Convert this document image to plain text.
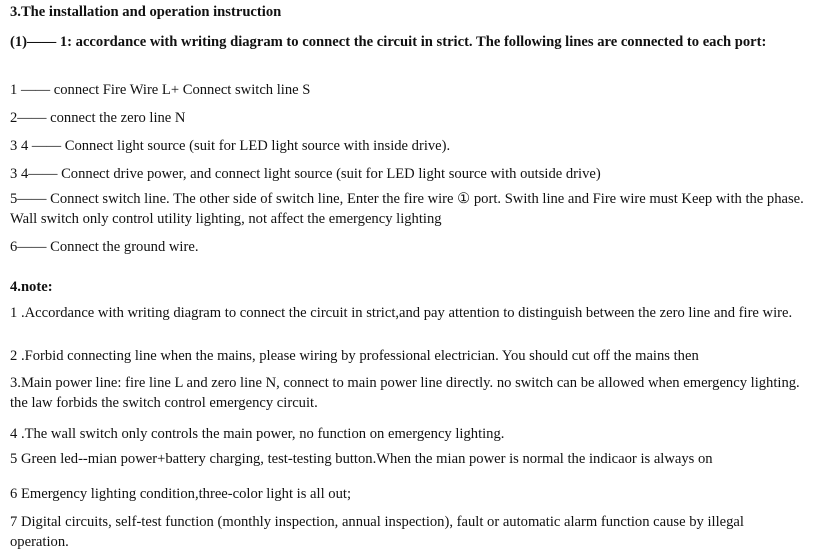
3.The installation and operation instruction
(1)—— 1: accordance with writing diagram to connect the circuit in strict. The following lines are connected to each port:
1 —— connect Fire Wire L+ Connect switch line S
2—— connect the zero line N
3 4 —— Connect light source (suit for LED light source with inside drive).
3 4—— Connect drive power, and connect light source (suit for LED light source with outside drive)
5—— Connect switch line. The other side of switch line, Enter the fire wire ① port. Swith line and Fire wire must Keep with the phase. Wall switch only control utility lighting, not affect the emergency lighting
6—— Connect the ground wire.
4.note:
1 .Accordance with writing diagram to connect the circuit in strict,and pay attention to distinguish between the zero line and fire wire.
2 .Forbid connecting line when the mains, please wiring by professional electrician. You should cut off the mains then
3.Main power line: fire line L and zero line N, connect to main power line directly. no switch can be allowed when emergency lighting. the law forbids the switch control emergency circuit.
4 .The wall switch only controls the main power, no function on emergency lighting.
5 Green led--mian power+battery charging, test-testing button.When the mian power is normal the indicaor is always on
6 Emergency lighting condition,three-color light is all out;
7 Digital circuits, self-test function (monthly inspection, annual inspection), fault or automatic alarm function cause by illegal operation.
